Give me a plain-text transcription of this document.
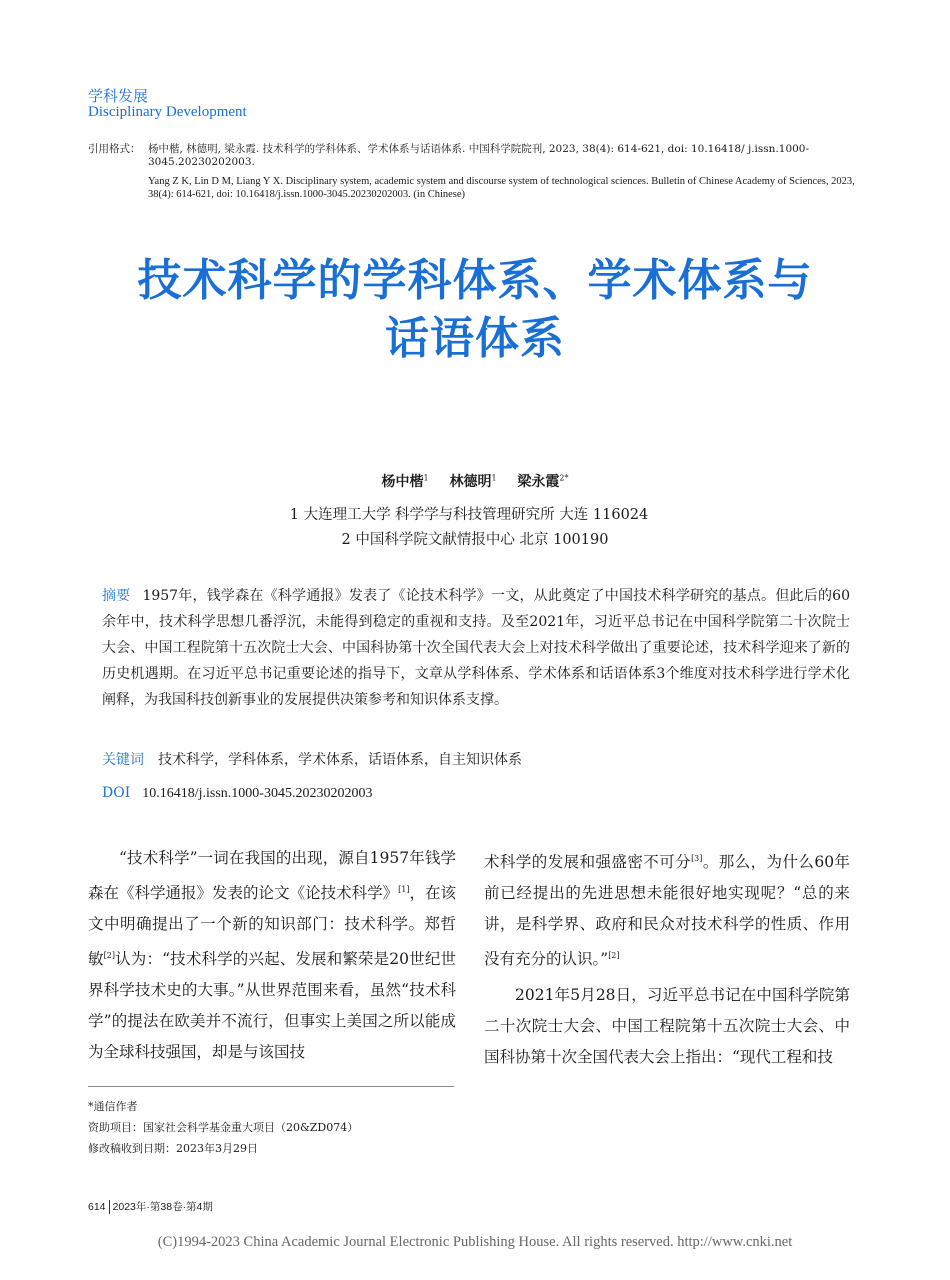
学科发展
Disciplinary Development
引用格式： 杨中楷, 林德明, 梁永霞. 技术科学的学科体系、学术体系与话语体系. 中国科学院院刊, 2023, 38(4): 614-621, doi: 10.16418/ j.issn.1000-3045.20230202003.
Yang Z K, Lin D M, Liang Y X. Disciplinary system, academic system and discourse system of technological sciences. Bulletin of Chinese Academy of Sciences, 2023, 38(4): 614-621, doi: 10.16418/j.issn.1000-3045.20230202003. (in Chinese)
技术科学的学科体系、学术体系与
话语体系
杨中楷$^1$ 林德明$^1$ 梁永霞$^{2*}$
1 大连理工大学 科学学与科技管理研究所 大连 116024
2 中国科学院文献情报中心 北京 100190
摘要 1957年，钱学森在《科学通报》发表了《论技术科学》一文，从此奠定了中国技术科学研究的基点。但此后的60余年中，技术科学思想几番浮沉，未能得到稳定的重视和支持。及至2021年，习近平总书记在中国科学院第二十次院士大会、中国工程院第十五次院士大会、中国科协第十次全国代表大会上对技术科学做出了重要论述，技术科学迎来了新的历史机遇期。在习近平总书记重要论述的指导下，文章从学科体系、学术体系和话语体系3个维度对技术科学进行学术化阐释，为我国科技创新事业的发展提供决策参考和知识体系支撑。
关键词 技术科学，学科体系，学术体系，话语体系，自主知识体系
DOI 10.16418/j.issn.1000-3045.20230202003

“技术科学”一词在我国的出现，源自1957年钱学森在《科学通报》发表的论文《论技术科学》[1]，在该文中明确提出了一个新的知识部门：技术科学。郑哲敏[2]认为：“技术科学的兴起、发展和繁荣是20世纪世界科学技术史的大事。”从世界范围来看，虽然“技术科学”的提法在欧美并不流行，但事实上美国之所以能成为全球科技强国，却是与该国技

术科学的发展和强盛密不可分[3]。那么，为什么60年前已经提出的先进思想未能很好地实现呢？“总的来讲，是科学界、政府和民众对技术科学的性质、作用没有充分的认识。”[2]

2021年5月28日，习近平总书记在中国科学院第二十次院士大会、中国工程院第十五次院士大会、中国科协第十次全国代表大会上指出：“现代工程和技

*通信作者
资助项目：国家社会科学基金重大项目（20&ZD074）
修改稿收到日期：2023年3月29日
614 2023年·第38卷·第4期
(C)1994-2023 China Academic Journal Electronic Publishing House. All rights reserved. http://www.cnki.net
